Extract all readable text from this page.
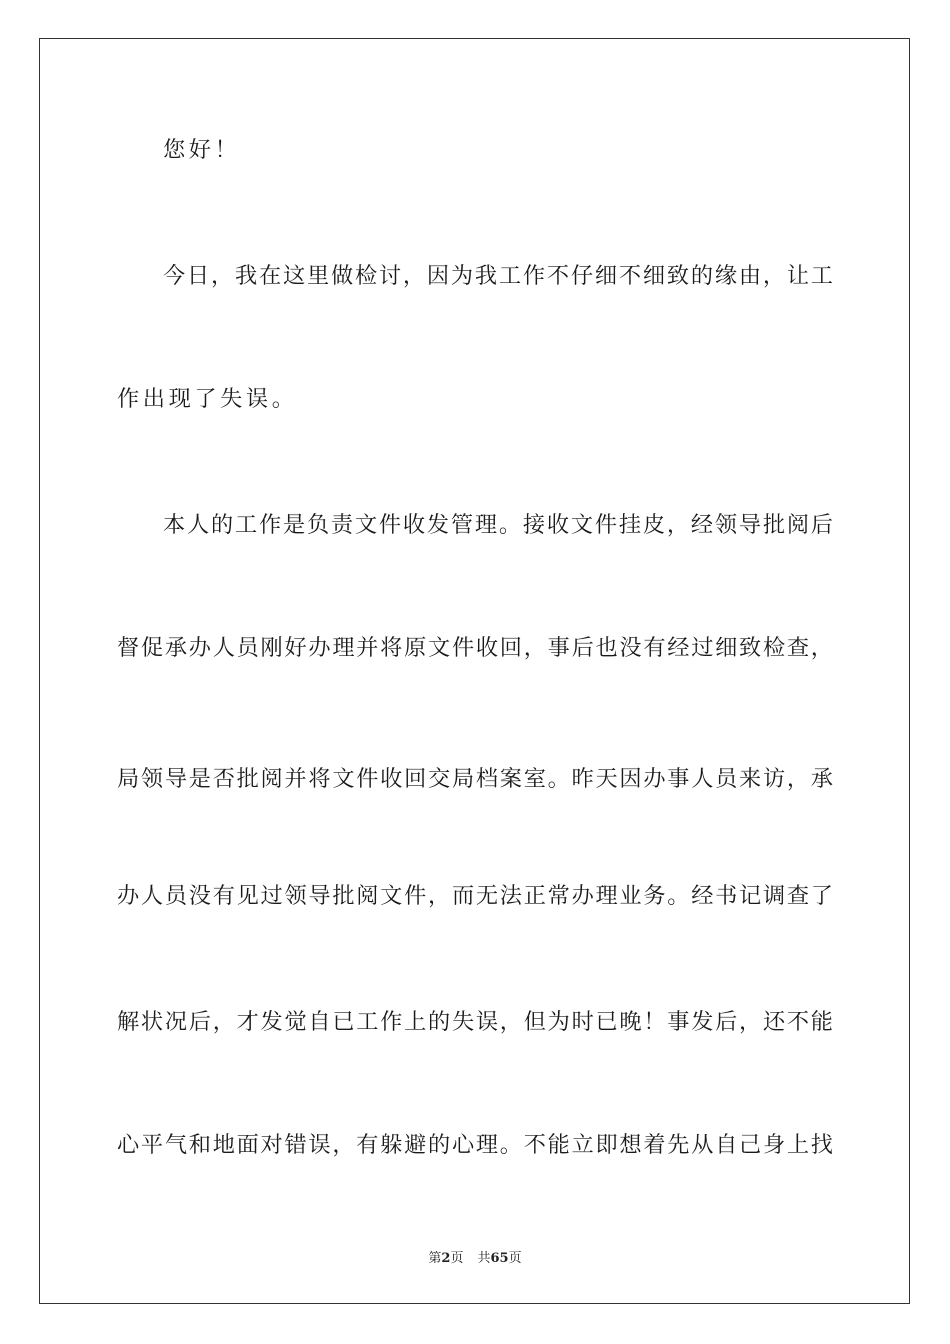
您好！
今日，我在这里做检讨，因为我工作不仔细不细致的缘由，让工
作出现了失误。
本人的工作是负责文件收发管理。接收文件挂皮，经领导批阅后
督促承办人员刚好办理并将原文件收回，事后也没有经过细致检查，
局领导是否批阅并将文件收回交局档案室。昨天因办事人员来访，承
办人员没有见过领导批阅文件，而无法正常办理业务。经书记调查了
解状况后，才发觉自已工作上的失误，但为时已晚！事发后，还不能
心平气和地面对错误，有躲避的心理。不能立即想着先从自己身上找
第2页 共65页
